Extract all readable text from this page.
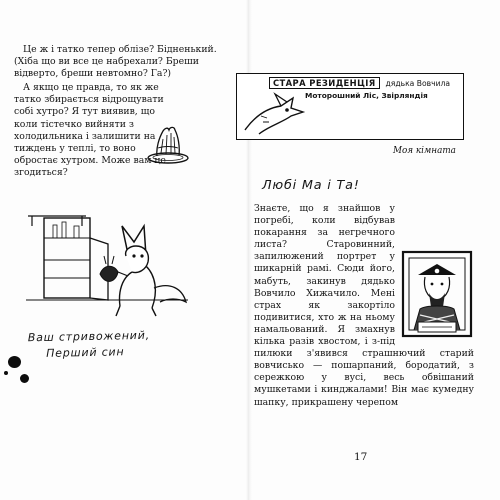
Це ж і татко тепер облізе? Бідненький. (Хіба що ви все це набрехали? Бреши відверто, бреши невтомно? Га?)

А якщо це правда, то як же татко збирається відрощувати собі хутро? Я тут виявив, що коли тістечко вийняти з холодильника і залишити на тиждень у теплі, то воно обростає хутром. Може вам це згодиться?

Ваш стривожений,
Перший син
СТАРА РЕЗИДЕНЦІЯ дядька Вовчила
Моторошний Ліс, Звірляндія
Моя кімната
Любі Ма і Та!

Знаєте, що я знайшов у погребі, коли відбував покарання за негречного листа? Старовинний, запилюжений портрет у шикарній рамі. Сюди його, мабуть, закинув дядько Вовчило Хижачило. Мені страх як закортіло подивитися, хто ж на ньому намальований. Я змахнув кілька разів хвостом, і з-під пилюки з'явився страшнючий старий вовчисько — пошарпаний, бородатий, з сережкою у вусі, весь обвішаний мушкетами і кинджалами! Він має кумедну шапку, прикрашену черепом

17
